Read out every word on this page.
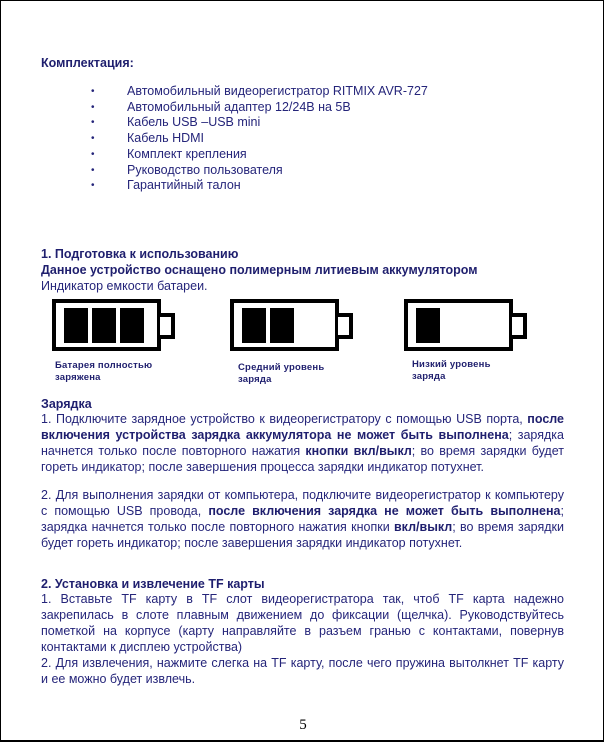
Комплектация:
•	Автомобильный видеорегистратор RITMIX AVR-727
•	Автомобильный адаптер 12/24В на 5В
•	Кабель USB –USB mini
•	Кабель HDMI
•	Комплект крепления
•	Руководство пользователя
•	Гарантийный талон
1. Подготовка к использованию
Данное устройство оснащено полимерным литиевым аккумулятором
Индикатор емкости батареи.
Батарея полностью
заряжена
Средний уровень
заряда
Низкий уровень
заряда
Зарядка
1. Подключите зарядное устройство к видеорегистратору с помощью USB порта, после включения устройства зарядка аккумулятора не может быть выполнена; зарядка начнется только после повторного нажатия кнопки вкл/выкл; во время зарядки будет гореть индикатор; после завершения процесса зарядки индикатор потухнет.
2. Для выполнения зарядки от компьютера, подключите видеорегистратор к компьютеру с помощью USB провода, после включения зарядка не может быть выполнена; зарядка начнется только после повторного нажатия кнопки вкл/выкл; во время зарядки будет гореть индикатор; после завершения зарядки индикатор потухнет.
2. Установка и извлечение TF карты
1. Вставьте TF карту в TF слот видеорегистратора так, чтоб TF карта надежно закрепилась в слоте плавным движением до фиксации (щелчка). Руководствуйтесь пометкой на корпусе (карту направляйте в разъем гранью с контактами, повернув контактами к дисплею устройства)
2. Для извлечения, нажмите слегка на TF карту, после чего пружина вытолкнет TF карту и ее можно будет извлечь.
5
